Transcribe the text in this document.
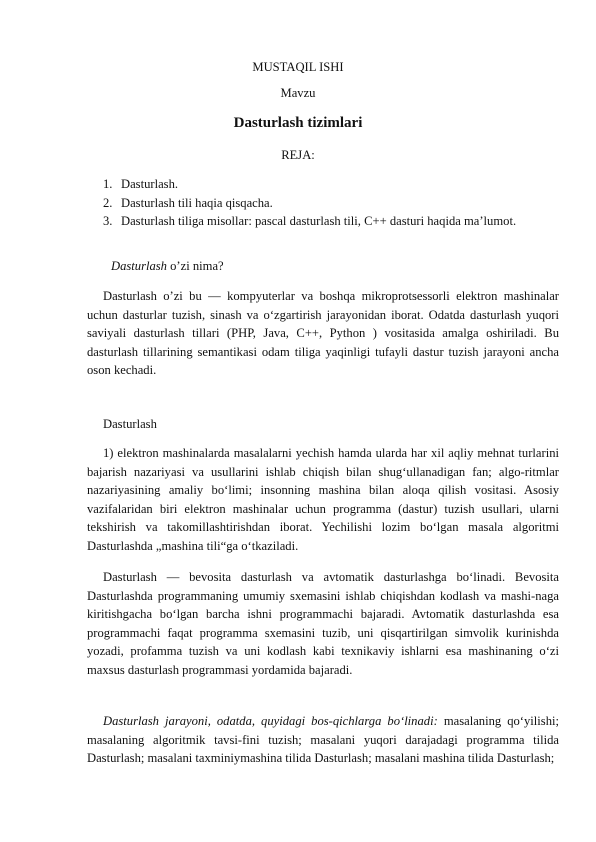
MUSTAQIL ISHI
Mavzu
Dasturlash tizimlari
REJA:
1. Dasturlash.
2. Dasturlash tili haqia qisqacha.
3. Dasturlash tiliga misollar: pascal dasturlash tili, C++ dasturi haqida ma’lumot.
Dasturlash o’zi nima?

Dasturlash o’zi bu — kompyuterlar va boshqa mikroprotsessorli elektron mashinalar uchun dasturlar tuzish, sinash va o‘zgartirish jarayonidan iborat. Odatda dasturlash yuqori saviyali dasturlash tillari (PHP, Java, C++, Python ) vositasida amalga oshiriladi. Bu dasturlash tillarining semantikasi odam tiliga yaqinligi tufayli dastur tuzish jarayoni ancha oson kechadi.

Dasturlash

1) elektron mashinalarda masalalarni yechish hamda ularda har xil aqliy mehnat turlarini bajarish nazariyasi va usullarini ishlab chiqish bilan shug‘ullanadigan fan; algo-ritmlar nazariyasining amaliy bo‘limi; insonning mashina bilan aloqa qilish vositasi. Asosiy vazifalaridan biri elektron mashinalar uchun programma (dastur) tuzish usullari, ularni tekshirish va takomillashtirishdan iborat. Yechilishi lozim bo‘lgan masala algoritmi Dasturlashda „mashina tili“ga o‘tkaziladi.

Dasturlash — bevosita dasturlash va avtomatik dasturlashga bo‘linadi. Bevosita Dasturlashda programmaning umumiy sxemasini ishlab chiqishdan kodlash va mashi-naga kiritishgacha bo‘lgan barcha ishni programmachi bajaradi. Avtomatik dasturlashda esa programmachi faqat programma sxemasini tuzib, uni qisqartirilgan simvolik kurinishda yozadi, profamma tuzish va uni kodlash kabi texnikaviy ishlarni esa mashinaning o‘zi maxsus dasturlash programmasi yordamida bajaradi.

Dasturlash jarayoni, odatda, quyidagi bos-qichlarga bo‘linadi: masalaning qo‘yilishi; masalaning algoritmik tavsi-fini tuzish; masalani yuqori darajadagi programma tilida Dasturlash; masalani taxminiymashina tilida Dasturlash; masalani mashina tilida Dasturlash;
